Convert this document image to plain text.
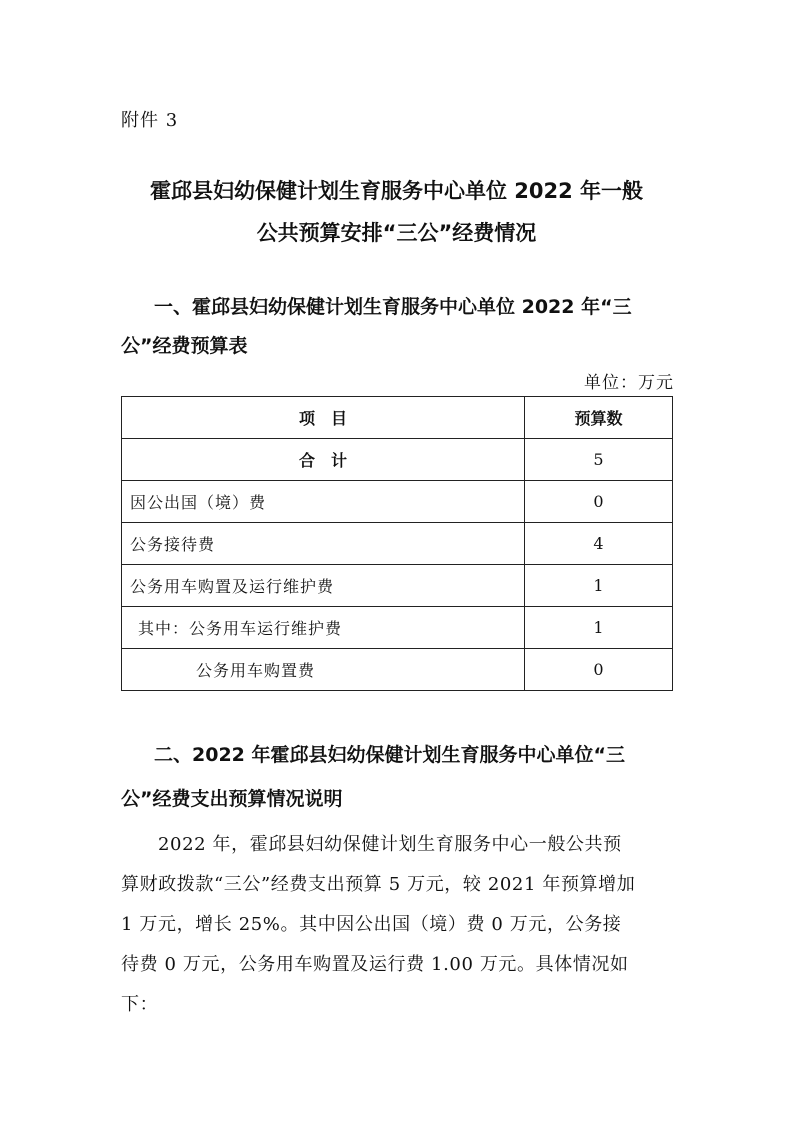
附件 3
霍邱县妇幼保健计划生育服务中心单位 2022 年一般
公共预算安排“三公”经费情况
一、霍邱县妇幼保健计划生育服务中心单位 2022 年“三
公”经费预算表
单位：万元
项　目	预算数
合　计	5
因公出国（境）费	0
公务接待费	4
公务用车购置及运行维护费	1
其中：公务用车运行维护费	1
公务用车购置费	0
二、2022 年霍邱县妇幼保健计划生育服务中心单位“三
公”经费支出预算情况说明
2022 年，霍邱县妇幼保健计划生育服务中心一般公共预
算财政拨款“三公”经费支出预算 5 万元，较 2021 年预算增加
1 万元，增长 25%。其中因公出国（境）费 0 万元，公务接
待费 0 万元，公务用车购置及运行费 1.00 万元。具体情况如
下：
